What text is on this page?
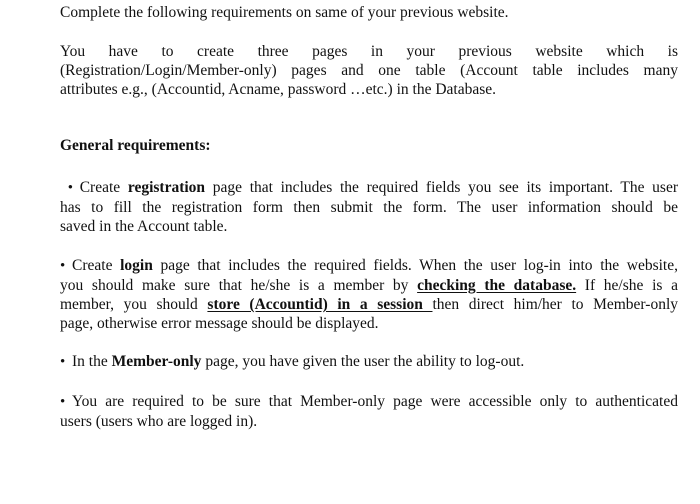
Complete the following requirements on same of your previous website.

You have to create three pages in your previous website which is
(Registration/Login/Member-only) pages and one table (Account table includes many
attributes e.g., (Accountid, Acname, password …etc.) in the Database.

General requirements:

• Create registration page that includes the required fields you see its important. The user
has to fill the registration form then submit the form. The user information should be
saved in the Account table.

• Create login page that includes the required fields. When the user log-in into the website,
you should make sure that he/she is a member by checking the database. If he/she is a
member, you should store (Accountid) in a session then direct him/her to Member-only
page, otherwise error message should be displayed.

• In the Member-only page, you have given the user the ability to log-out.

• You are required to be sure that Member-only page were accessible only to authenticated
users (users who are logged in).
